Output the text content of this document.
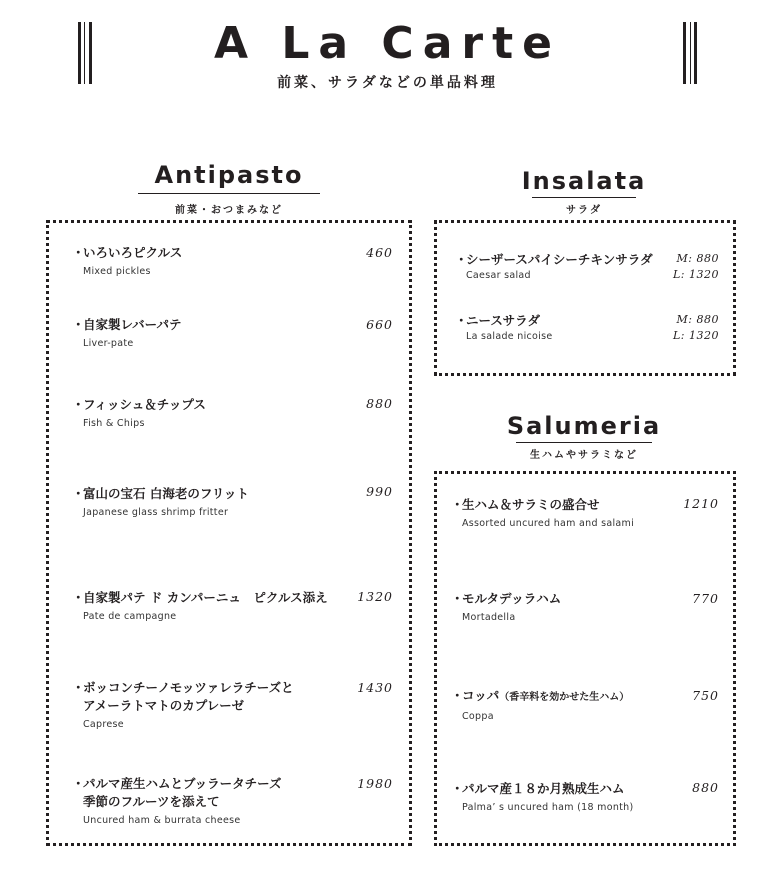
A La Carte
前菜、サラダなどの単品料理
Antipasto
前菜・おつまみなど
・いろいろピクルス
Mixed pickles
460
・自家製レバーパテ
Liver-pate
660
・フィッシュ＆チップス
Fish & Chips
880
・富山の宝石 白海老のフリット
Japanese glass shrimp fritter
990
・自家製パテ ド カンパーニュ　ピクルス添え
Pate de campagne
1320
・ボッコンチーノモッツァレラチーズと
アメーラトマトのカプレーゼ
Caprese
1430
・パルマ産生ハムとブッラータチーズ
季節のフルーツを添えて
Uncured ham & burrata cheese
1980
Insalata
サラダ
・シーザースパイシーチキンサラダ
Caesar salad
M: 880
L: 1320
・ニースサラダ
La salade nicoise
M: 880
L: 1320
Salumeria
生ハムやサラミなど
・生ハム＆サラミの盛合せ
Assorted uncured ham and salami
1210
・モルタデッラハム
Mortadella
770
・コッパ（香辛料を効かせた生ハム）
Coppa
750
・パルマ産１８か月熟成生ハム
Palma’ s uncured ham (18 month)
880
